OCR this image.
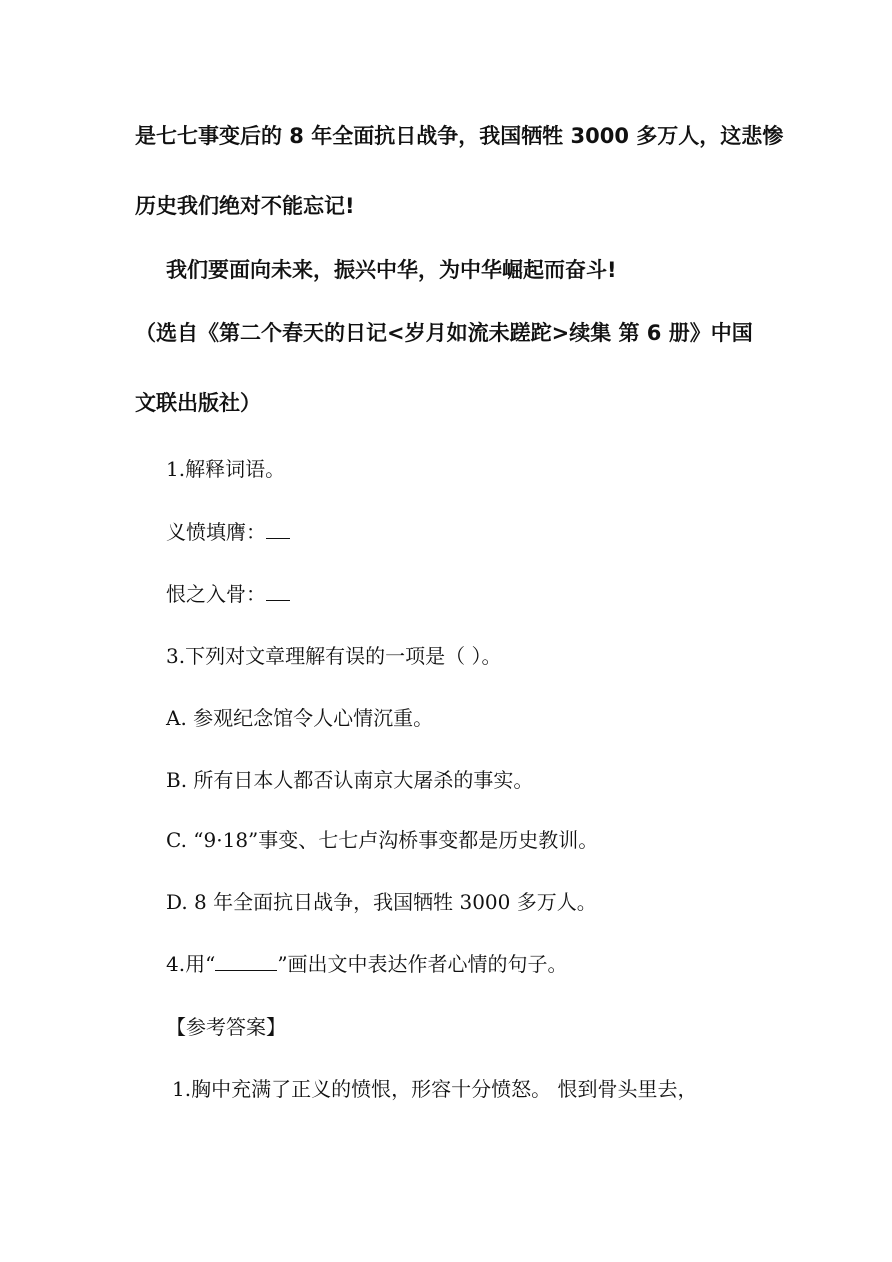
是七七事变后的 8 年全面抗日战争，我国牺牲 3000 多万人，这悲惨
历史我们绝对不能忘记!
我们要面向未来，振兴中华，为中华崛起而奋斗!
（选自《第二个春天的日记<岁月如流未蹉跎>续集 第 6 册》中国
文联出版社）
1.解释词语。
义愤填膺：
恨之入骨：
3.下列对文章理解有误的一项是（ ）。
A. 参观纪念馆令人心情沉重。
B. 所有日本人都否认南京大屠杀的事实。
C. “9·18”事变、七七卢沟桥事变都是历史教训。
D. 8 年全面抗日战争，我国牺牲 3000 多万人。
4.用“	”画出文中表达作者心情的句子。
【参考答案】
1.胸中充满了正义的愤恨，形容十分愤怒。 恨到骨头里去，
